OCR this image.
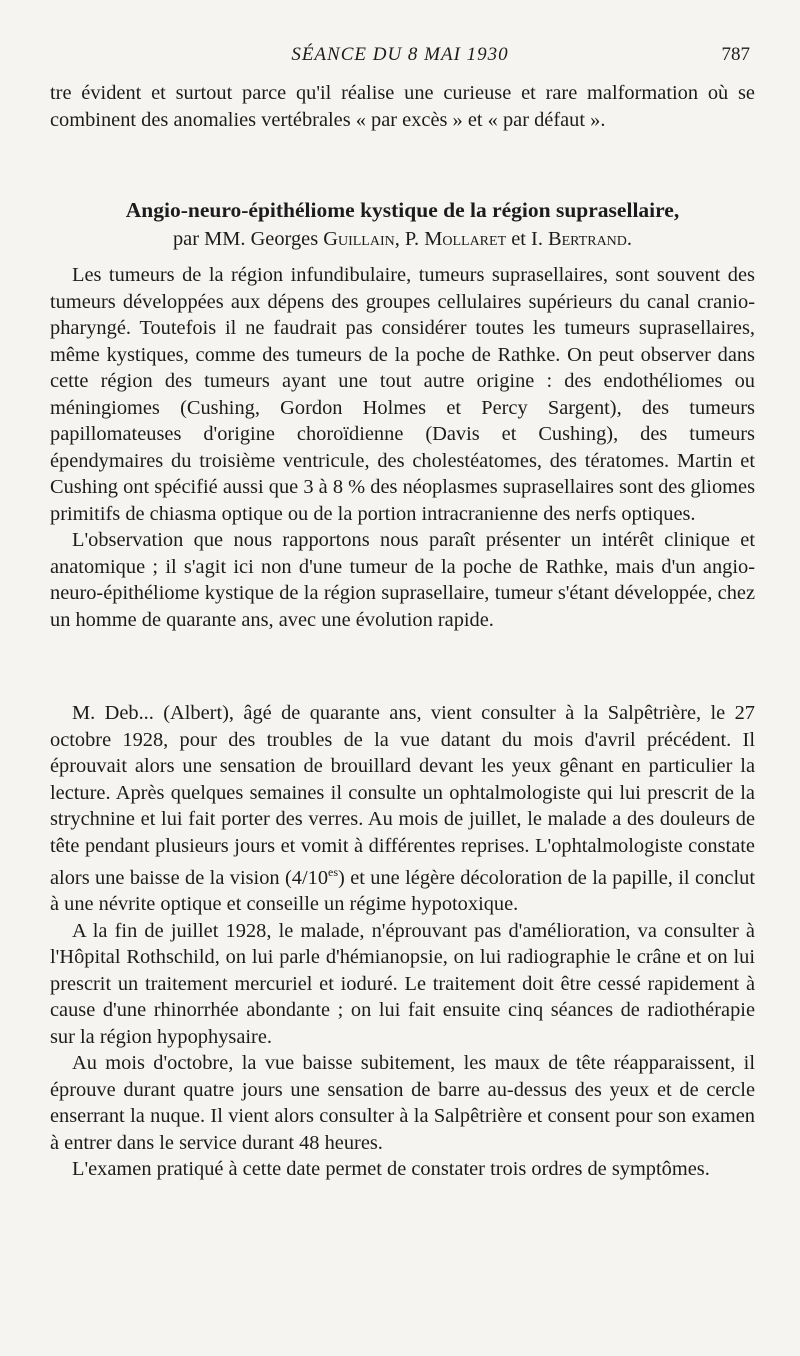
SÉANCE DU 8 MAI 1930	787

tre évident et surtout parce qu'il réalise une curieuse et rare malformation où se combinent des anomalies vertébrales « par excès » et « par défaut ».

Angio-neuro-épithéliome kystique de la région suprasellaire,
par MM. Georges Guillain, P. Mollaret et I. Bertrand.

Les tumeurs de la région infundibulaire, tumeurs suprasellaires, sont souvent des tumeurs développées aux dépens des groupes cellulaires supérieurs du canal cranio-pharyngé. Toutefois il ne faudrait pas considérer toutes les tumeurs suprasellaires, même kystiques, comme des tumeurs de la poche de Rathke. On peut observer dans cette région des tumeurs ayant une tout autre origine : des endothéliomes ou méningiomes (Cushing, Gordon Holmes et Percy Sargent), des tumeurs papillomateuses d'origine choroïdienne (Davis et Cushing), des tumeurs épendymaires du troisième ventricule, des cholestéatomes, des tératomes. Martin et Cushing ont spécifié aussi que 3 à 8 % des néoplasmes suprasellaires sont des gliomes primitifs de chiasma optique ou de la portion intracranienne des nerfs optiques.

L'observation que nous rapportons nous paraît présenter un intérêt clinique et anatomique ; il s'agit ici non d'une tumeur de la poche de Rathke, mais d'un angio-neuro-épithéliome kystique de la région suprasellaire, tumeur s'étant développée, chez un homme de quarante ans, avec une évolution rapide.

M. Deb... (Albert), âgé de quarante ans, vient consulter à la Salpêtrière, le 27 octobre 1928, pour des troubles de la vue datant du mois d'avril précédent. Il éprouvait alors une sensation de brouillard devant les yeux gênant en particulier la lecture. Après quelques semaines il consulte un ophtalmologiste qui lui prescrit de la strychnine et lui fait porter des verres. Au mois de juillet, le malade a des douleurs de tête pendant plusieurs jours et vomit à différentes reprises. L'ophtalmologiste constate alors une baisse de la vision $(4/10^{es})$ et une légère décoloration de la papille, il conclut à une névrite optique et conseille un régime hypotoxique.

A la fin de juillet 1928, le malade, n'éprouvant pas d'amélioration, va consulter à l'Hôpital Rothschild, on lui parle d'hémianopsie, on lui radiographie le crâne et on lui prescrit un traitement mercuriel et ioduré. Le traitement doit être cessé rapidement à cause d'une rhinorrhée abondante ; on lui fait ensuite cinq séances de radiothérapie sur la région hypophysaire.

Au mois d'octobre, la vue baisse subitement, les maux de tête réapparaissent, il éprouve durant quatre jours une sensation de barre au-dessus des yeux et de cercle enserrant la nuque. Il vient alors consulter à la Salpêtrière et consent pour son examen à entrer dans le service durant 48 heures.

L'examen pratiqué à cette date permet de constater trois ordres de symptômes.
